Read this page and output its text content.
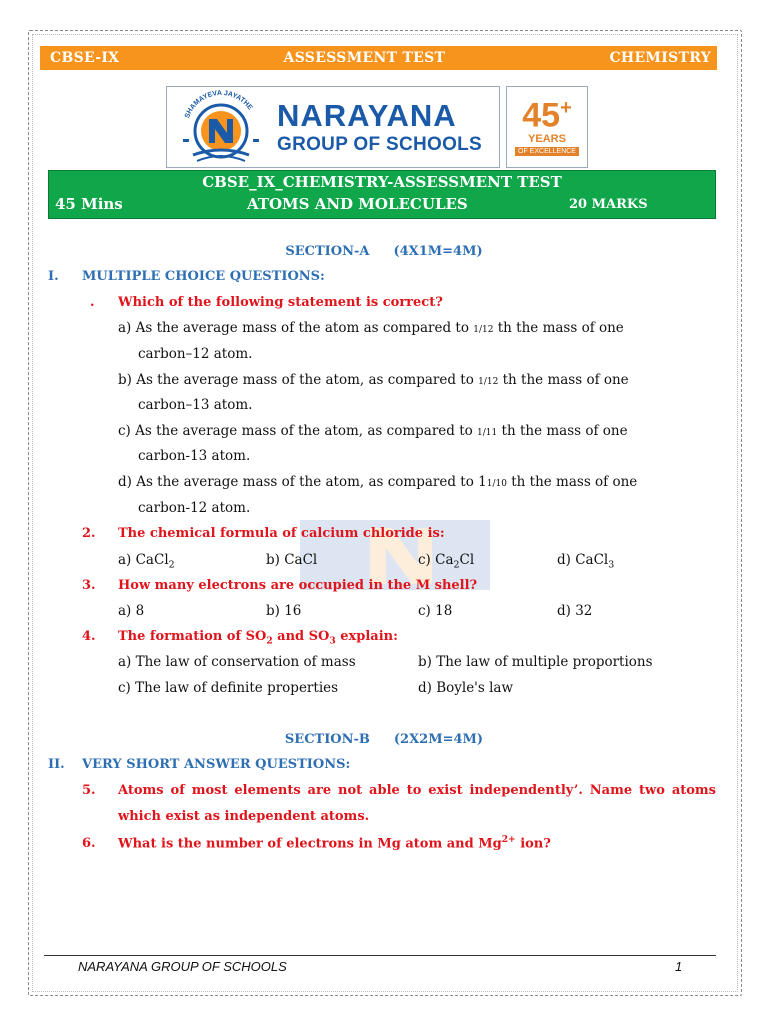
CBSE-IX	ASSESSMENT TEST	CHEMISTRY
SHAMAYEVA JAYATHE NARAYANA
GROUP OF SCHOOLS
45+
YEARS
OF EXCELLENCE
CBSE_IX_CHEMISTRY-ASSESSMENT TEST
45 Mins	ATOMS AND MOLECULES	20 MARKS
SECTION-A (4X1M=4M)
I. MULTIPLE CHOICE QUESTIONS:
. Which of the following statement is correct?
a) As the average mass of the atom as compared to 1/12 th the mass of one
carbon–12 atom.
b) As the average mass of the atom, as compared to 1/12 th the mass of one
carbon–13 atom.
c) As the average mass of the atom, as compared to 1/11 th the mass of one
carbon-13 atom.
d) As the average mass of the atom, as compared to 11/10 th the mass of one
carbon-12 atom.
2. The chemical formula of calcium chloride is:
a) CaCl$_2$	b) CaCl	c) $Ca_2Cl$	d) CaCl$_3$
3. How many electrons are occupied in the M shell?
a) 8	b) 16	c) 18	d) 32
4. The formation of $SO_2$ and $SO_3$ explain:
a) The law of conservation of mass	b) The law of multiple proportions
c) The law of definite properties	d) Boyle's law
SECTION-B (2X2M=4M)
II. VERY SHORT ANSWER QUESTIONS:
5. Atoms of most elements are not able to exist independently’. Name two atoms which exist as independent atoms.
6. What is the number of electrons in Mg atom and $Mg^{2+}$ ion?
NARAYANA GROUP OF SCHOOLS	1
